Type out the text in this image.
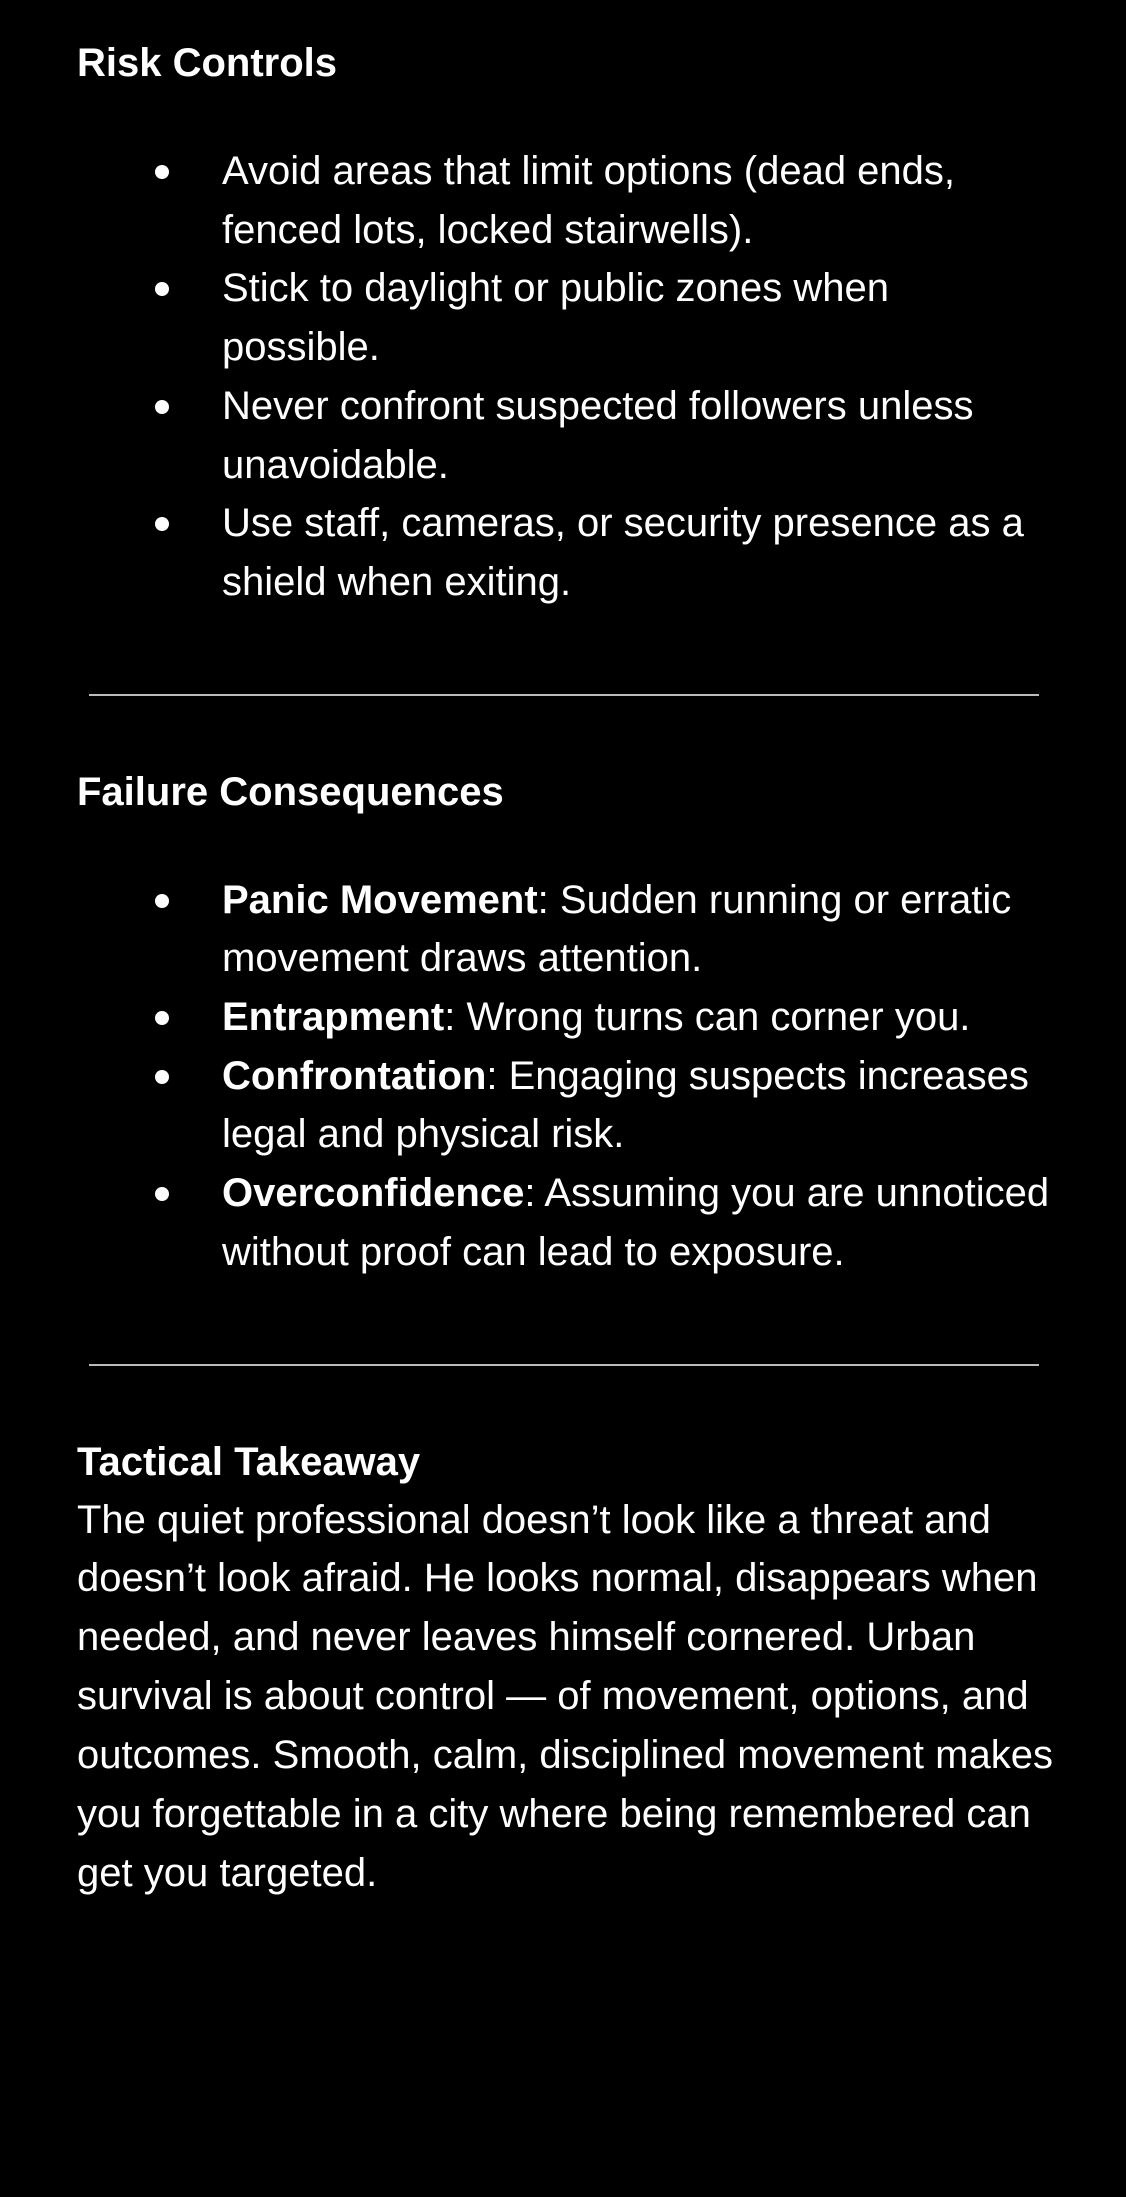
Risk Controls
Avoid areas that limit options (dead ends, fenced lots, locked stairwells).
Stick to daylight or public zones when possible.
Never confront suspected followers unless unavoidable.
Use staff, cameras, or security presence as a shield when exiting.
Failure Consequences
Panic Movement: Sudden running or erratic movement draws attention.
Entrapment: Wrong turns can corner you.
Confrontation: Engaging suspects increases legal and physical risk.
Overconfidence: Assuming you are unnoticed without proof can lead to exposure.
Tactical Takeaway

The quiet professional doesn’t look like a threat and doesn’t look afraid. He looks normal, disappears when needed, and never leaves himself cornered. Urban survival is about control — of movement, options, and outcomes. Smooth, calm, disciplined movement makes you forgettable in a city where being remembered can get you targeted.
